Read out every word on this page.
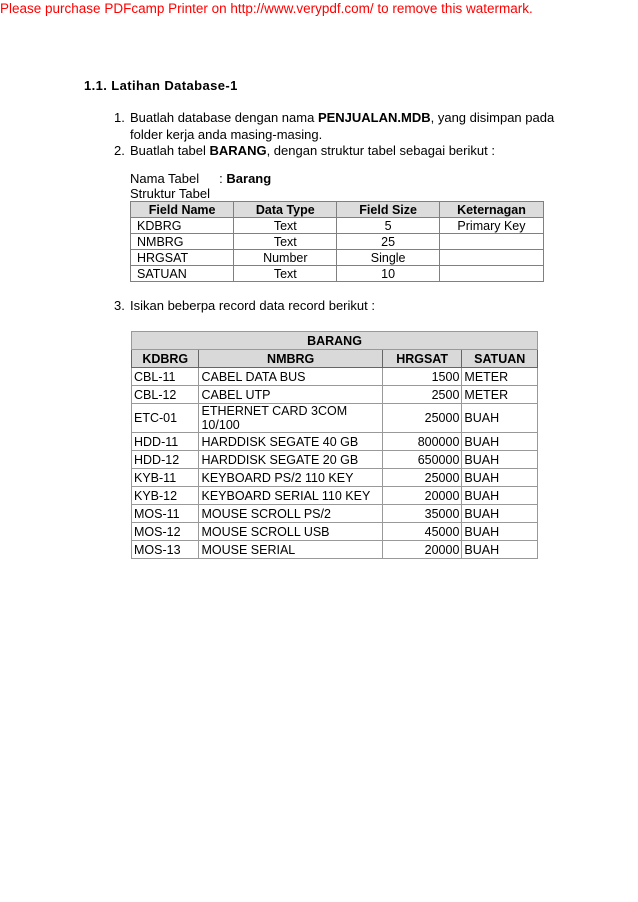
Please purchase PDFcamp Printer on http://www.verypdf.com/ to remove this watermark.
1.1. Latihan Database-1
1. Buatlah database dengan nama PENJUALAN.MDB, yang disimpan pada
folder kerja anda masing-masing.
2. Buatlah tabel BARANG, dengan struktur tabel sebagai berikut :
Nama Tabel : Barang
Struktur Tabel
Field Name	Data Type	Field Size	Keternagan
KDBRG	Text	5	Primary Key
NMBRG	Text	25	
HRGSAT	Number	Single	
SATUAN	Text	10	
3. Isikan beberpa record data record berikut :
BARANG			
KDBRG	NMBRG	HRGSAT	SATUAN
CBL-11	CABEL DATA BUS	1500	METER
CBL-12	CABEL UTP	2500	METER
ETC-01	ETHERNET CARD 3COM 10/100	25000	BUAH
HDD-11	HARDDISK SEGATE 40 GB	800000	BUAH
HDD-12	HARDDISK SEGATE 20 GB	650000	BUAH
KYB-11	KEYBOARD PS/2 110 KEY	25000	BUAH
KYB-12	KEYBOARD SERIAL 110 KEY	20000	BUAH
MOS-11	MOUSE SCROLL PS/2	35000	BUAH
MOS-12	MOUSE SCROLL USB	45000	BUAH
MOS-13	MOUSE SERIAL	20000	BUAH
